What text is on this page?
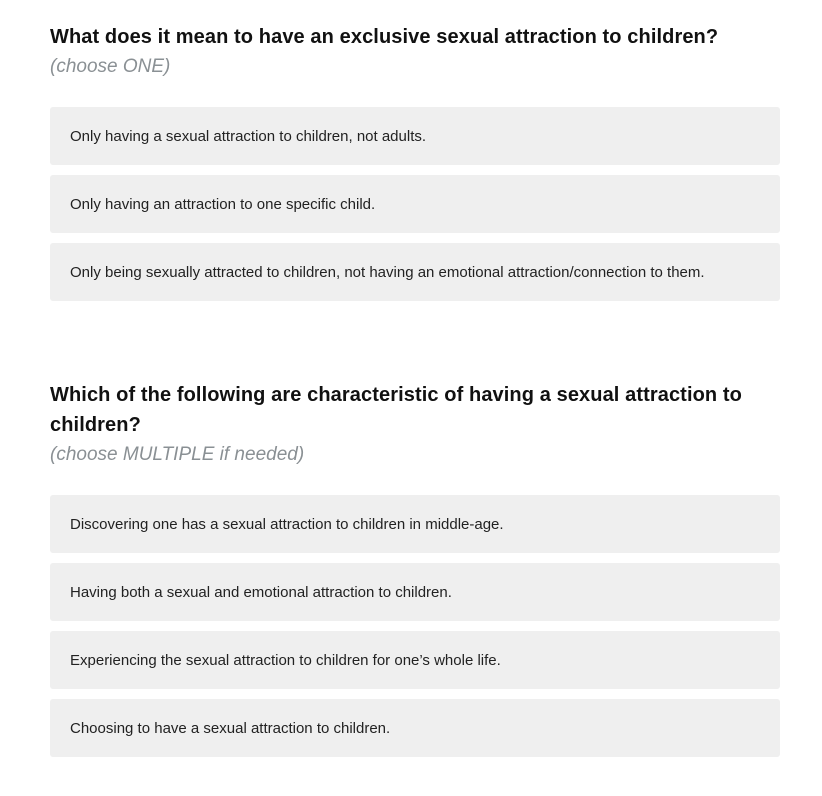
What does it mean to have an exclusive sexual attraction to children?

(choose ONE)

Only having a sexual attraction to children, not adults.
Only having an attraction to one specific child.
Only being sexually attracted to children, not having an emotional attraction/connection to them.
Which of the following are characteristic of having a sexual attraction to children?

(choose MULTIPLE if needed)

Discovering one has a sexual attraction to children in middle-age.
Having both a sexual and emotional attraction to children.
Experiencing the sexual attraction to children for one’s whole life.
Choosing to have a sexual attraction to children.
